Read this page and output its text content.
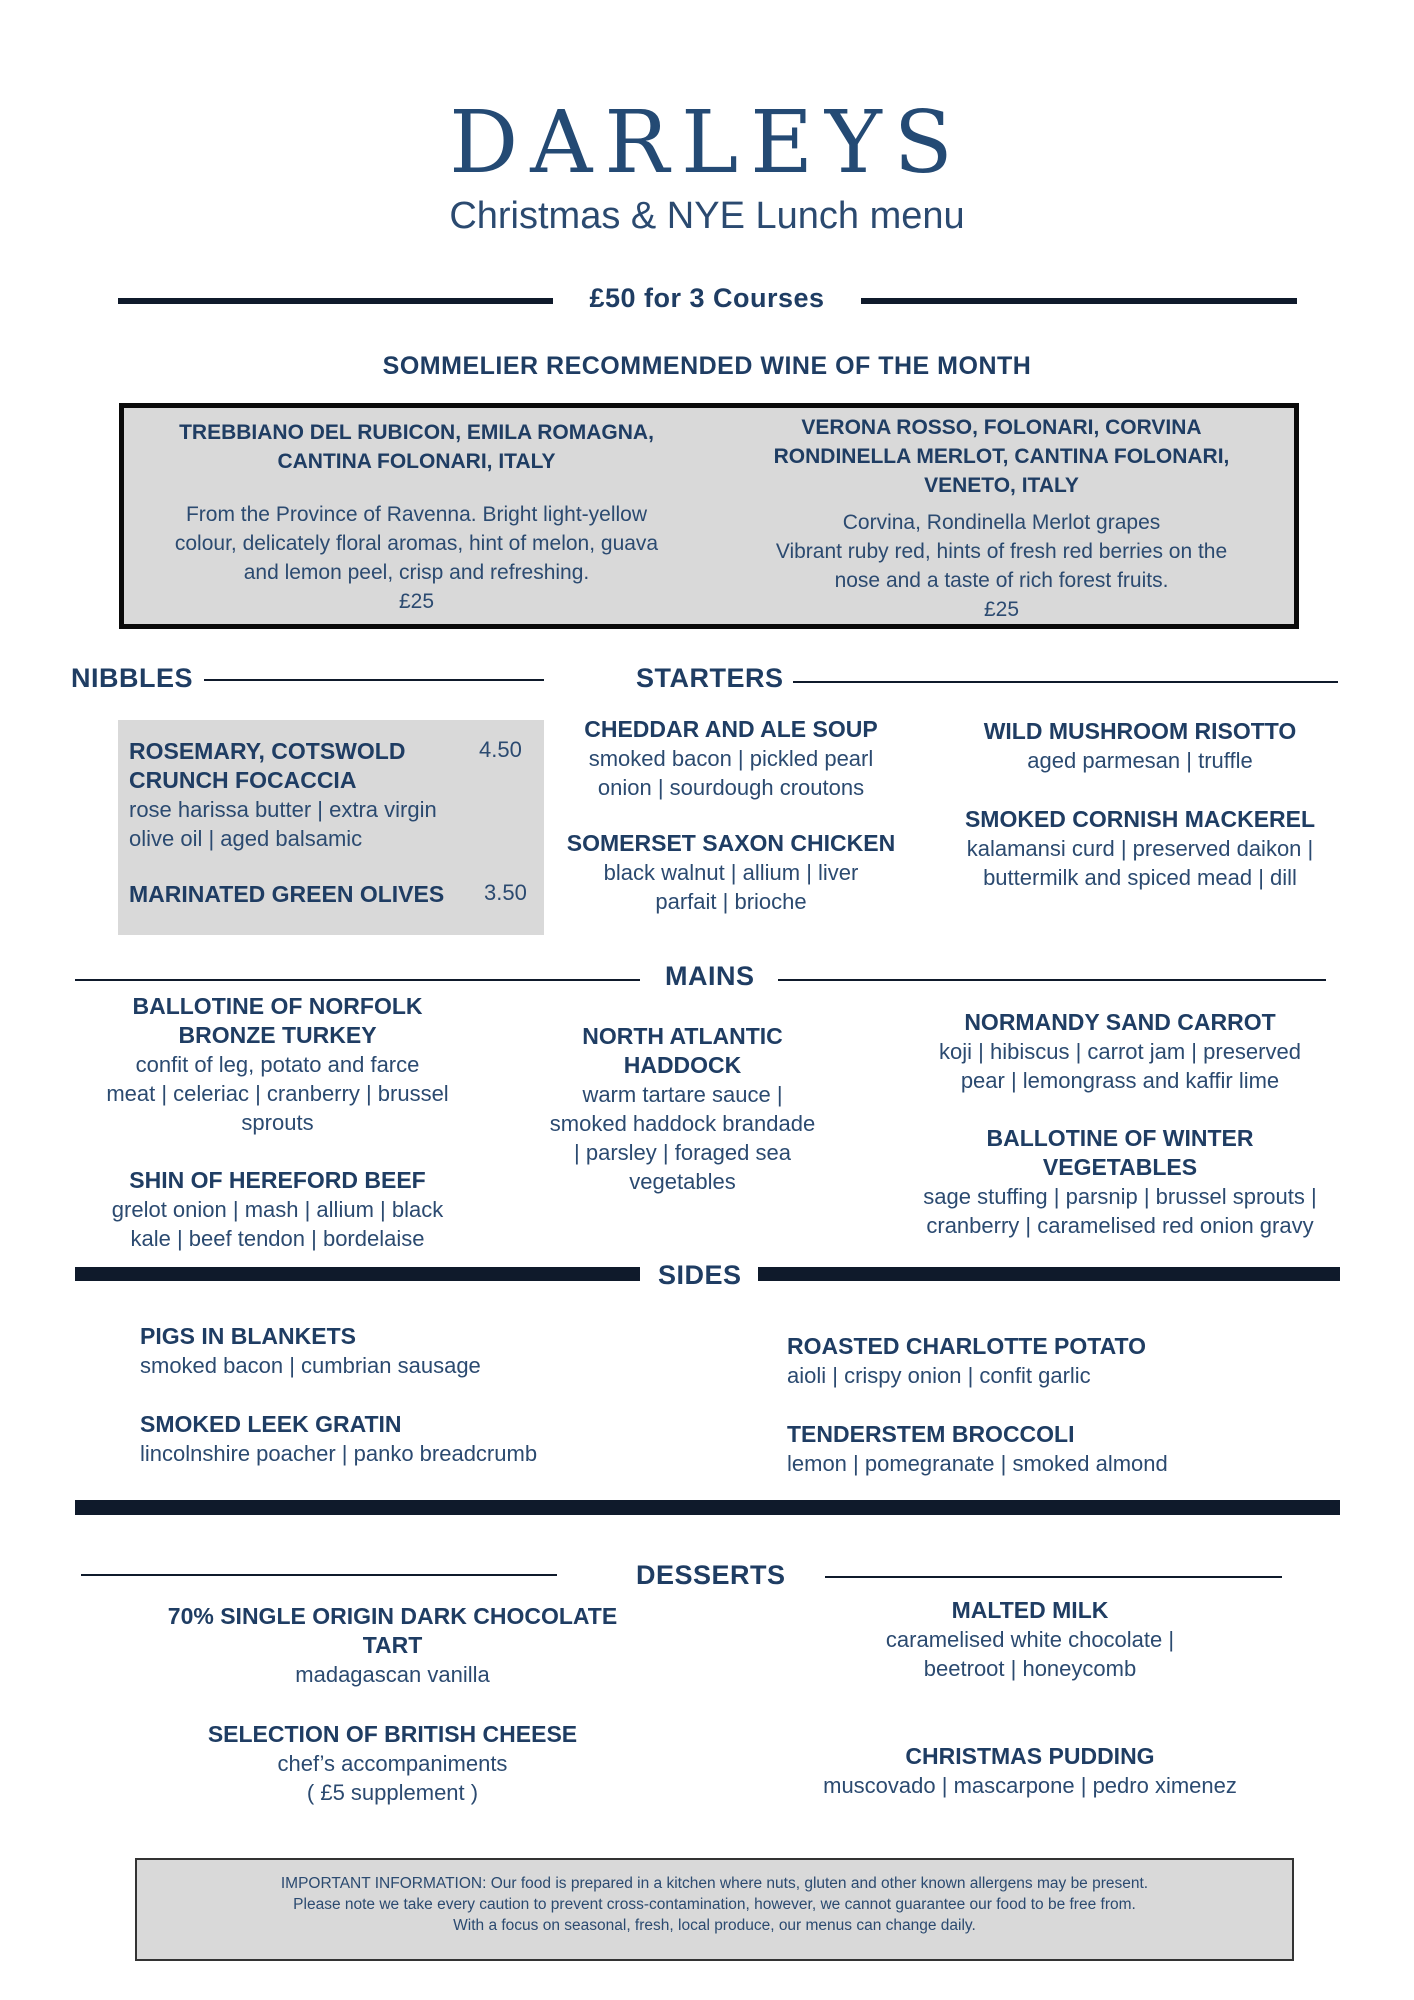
DARLEYS
Christmas & NYE Lunch menu
£50 for 3 Courses
SOMMELIER RECOMMENDED WINE OF THE MONTH
TREBBIANO DEL RUBICON, EMILA ROMAGNA,
CANTINA FOLONARI, ITALY
From the Province of Ravenna. Bright light-yellow
colour, delicately floral aromas, hint of melon, guava
and lemon peel, crisp and refreshing.
£25
VERONA ROSSO, FOLONARI, CORVINA
RONDINELLA MERLOT, CANTINA FOLONARI,
VENETO, ITALY
Corvina, Rondinella Merlot grapes
Vibrant ruby red, hints of fresh red berries on the
nose and a taste of rich forest fruits.
£25
NIBBLES
ROSEMARY, COTSWOLD
CRUNCH FOCACCIA
rose harissa butter | extra virgin
olive oil | aged balsamic
4.50
MARINATED GREEN OLIVES 3.50
STARTERS
CHEDDAR AND ALE SOUP
smoked bacon | pickled pearl
onion | sourdough croutons
SOMERSET SAXON CHICKEN
black walnut | allium | liver
parfait | brioche
WILD MUSHROOM RISOTTO
aged parmesan | truffle
SMOKED CORNISH MACKEREL
kalamansi curd | preserved daikon |
buttermilk and spiced mead | dill
MAINS
BALLOTINE OF NORFOLK
BRONZE TURKEY
confit of leg, potato and farce
meat | celeriac | cranberry | brussel
sprouts
SHIN OF HEREFORD BEEF
grelot onion | mash | allium | black
kale | beef tendon | bordelaise
NORTH ATLANTIC
HADDOCK
warm tartare sauce |
smoked haddock brandade
| parsley | foraged sea
vegetables
NORMANDY SAND CARROT
koji | hibiscus | carrot jam | preserved
pear | lemongrass and kaffir lime
BALLOTINE OF WINTER
VEGETABLES
sage stuffing | parsnip | brussel sprouts |
cranberry | caramelised red onion gravy
SIDES
PIGS IN BLANKETS
smoked bacon | cumbrian sausage
SMOKED LEEK GRATIN
lincolnshire poacher | panko breadcrumb
ROASTED CHARLOTTE POTATO
aioli | crispy onion | confit garlic
TENDERSTEM BROCCOLI
lemon | pomegranate | smoked almond
DESSERTS
70% SINGLE ORIGIN DARK CHOCOLATE
TART
madagascan vanilla
SELECTION OF BRITISH CHEESE
chef’s accompaniments
( £5 supplement )
MALTED MILK
caramelised white chocolate |
beetroot | honeycomb
CHRISTMAS PUDDING
muscovado | mascarpone | pedro ximenez
IMPORTANT INFORMATION: Our food is prepared in a kitchen where nuts, gluten and other known allergens may be present.
Please note we take every caution to prevent cross-contamination, however, we cannot guarantee our food to be free from.
With a focus on seasonal, fresh, local produce, our menus can change daily.
